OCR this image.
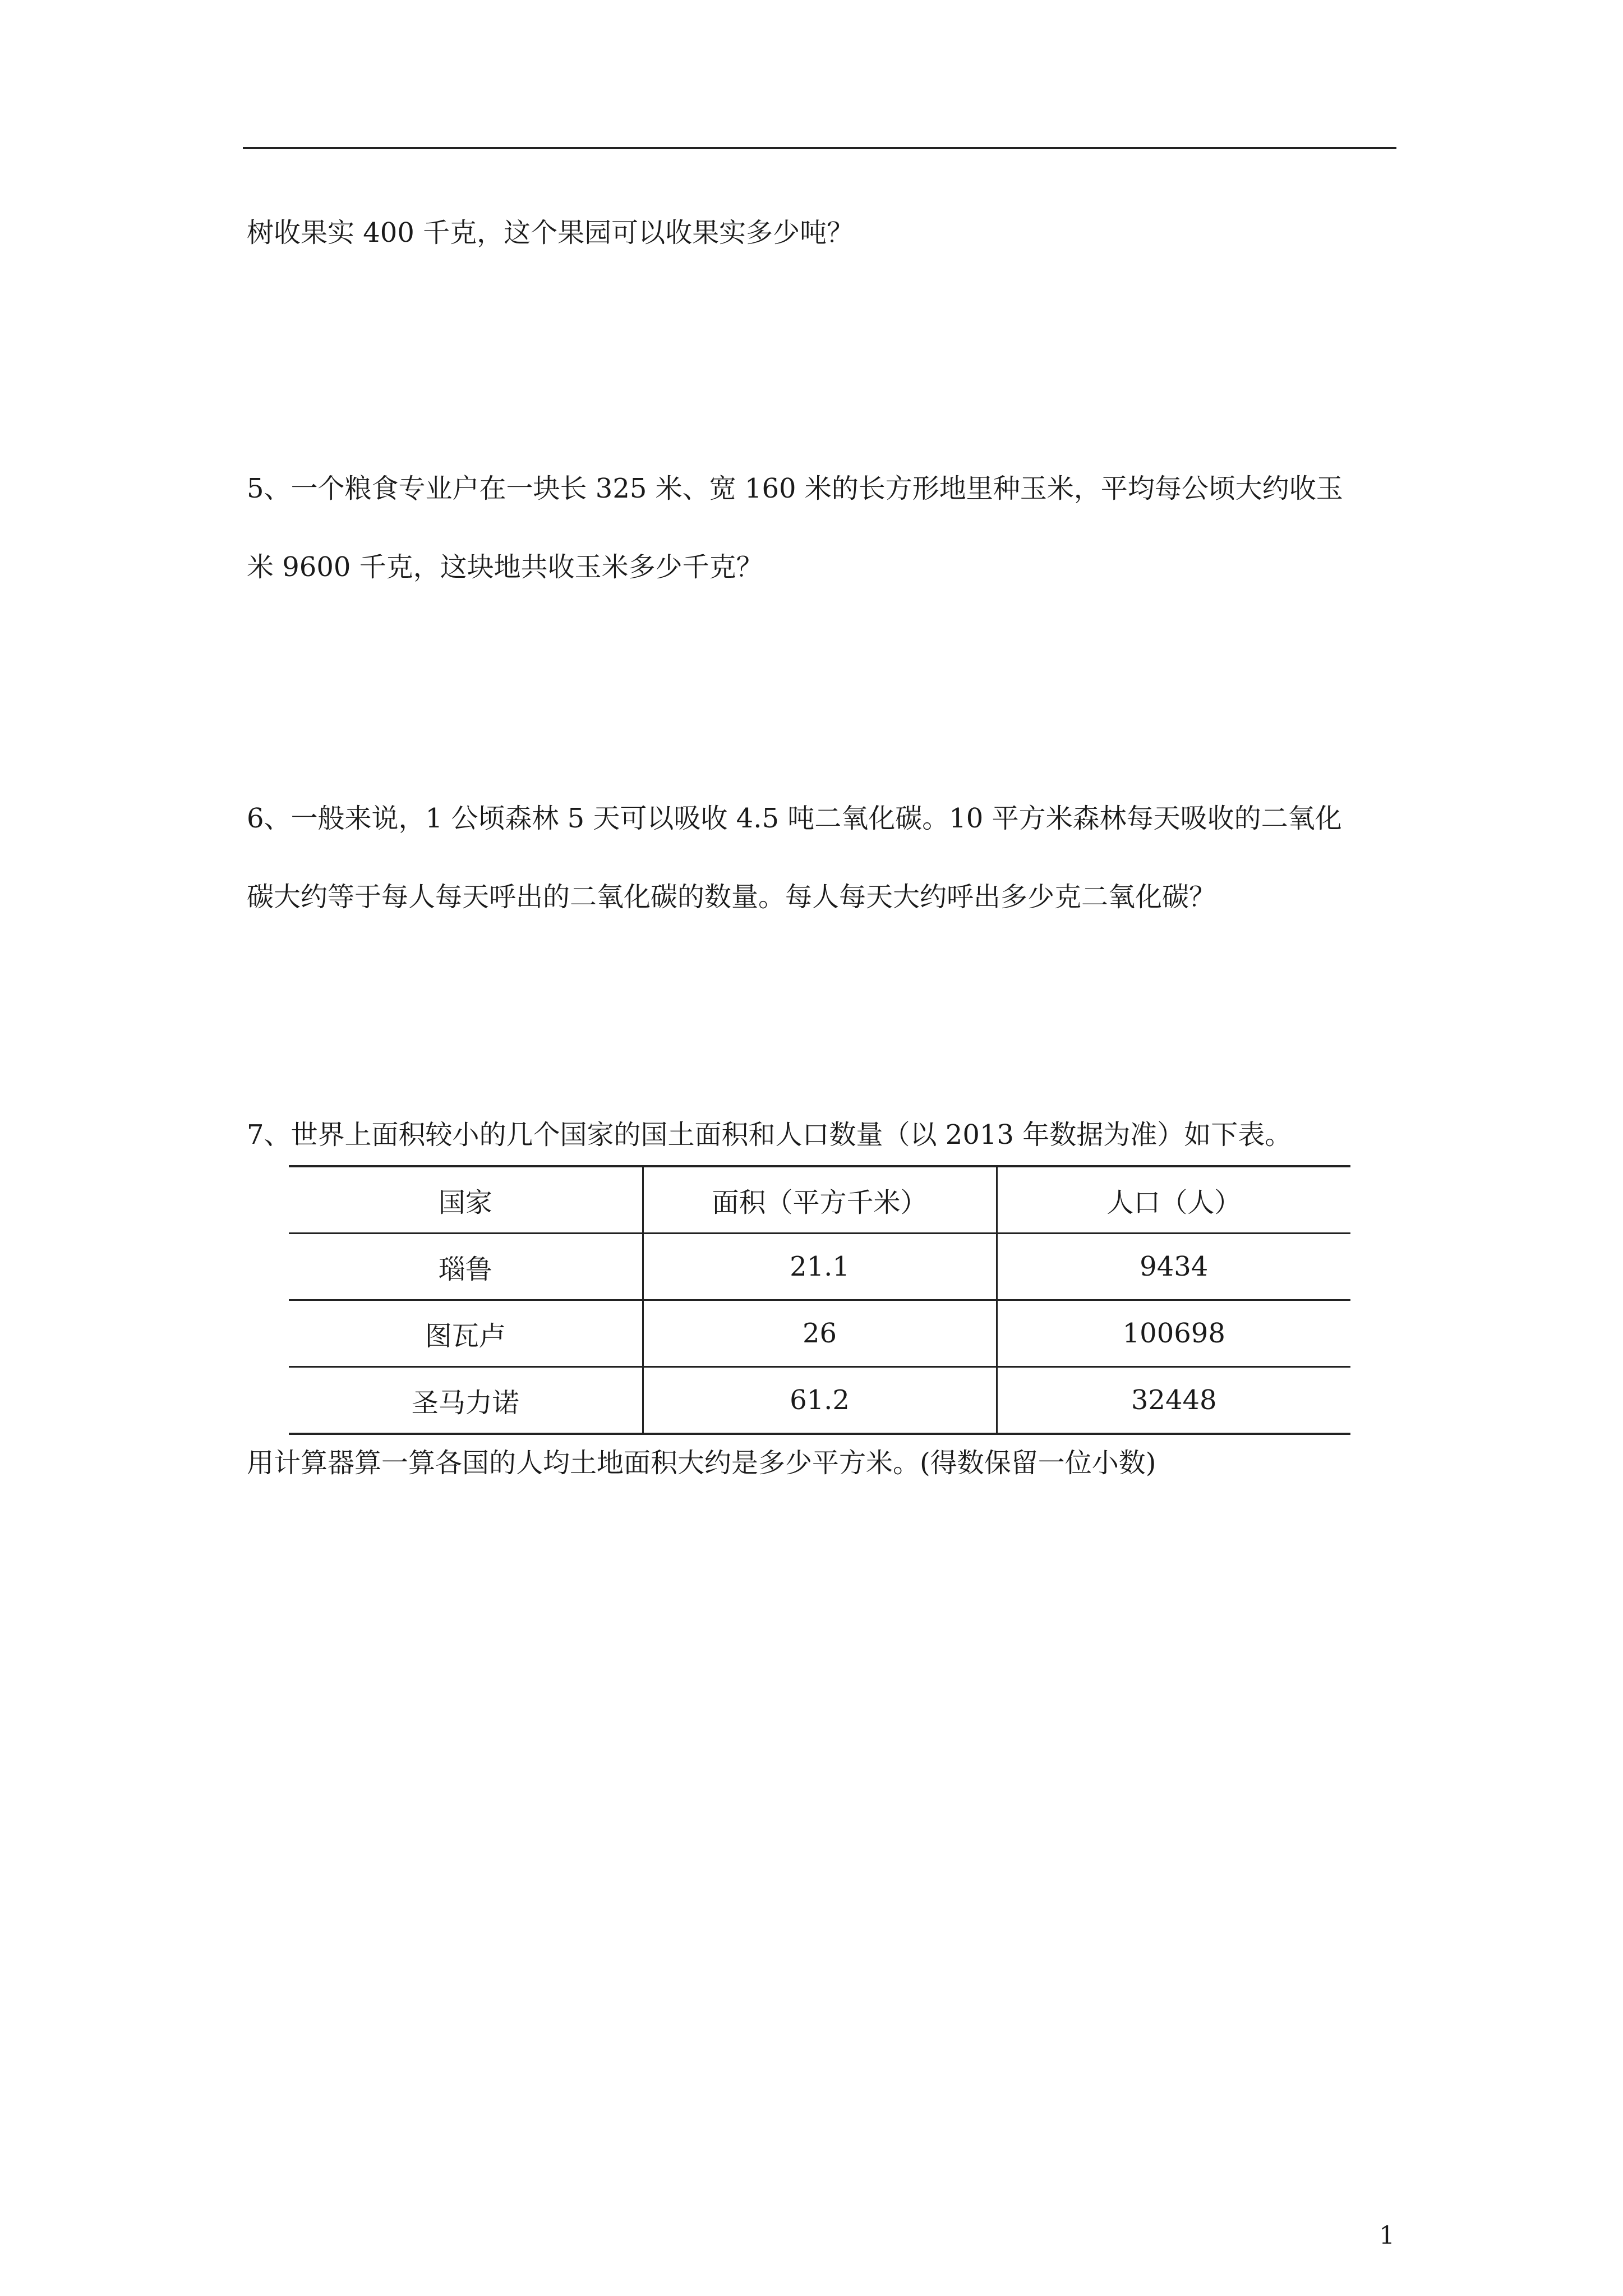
树收果实 400 千克，这个果园可以收果实多少吨？
5、一个粮食专业户在一块长 325 米、宽 160 米的长方形地里种玉米，平均每公顷大约收玉
米 9600 千克，这块地共收玉米多少千克？
6、一般来说，1 公顷森林 5 天可以吸收 4.5 吨二氧化碳。10 平方米森林每天吸收的二氧化
碳大约等于每人每天呼出的二氧化碳的数量。每人每天大约呼出多少克二氧化碳？
7、世界上面积较小的几个国家的国土面积和人口数量（以 2013 年数据为准）如下表。
国家	面积（平方千米）	人口（人）
瑙鲁	21.1	9434
图瓦卢	26	100698
圣马力诺	61.2	32448
用计算器算一算各国的人均土地面积大约是多少平方米。(得数保留一位小数)
1
